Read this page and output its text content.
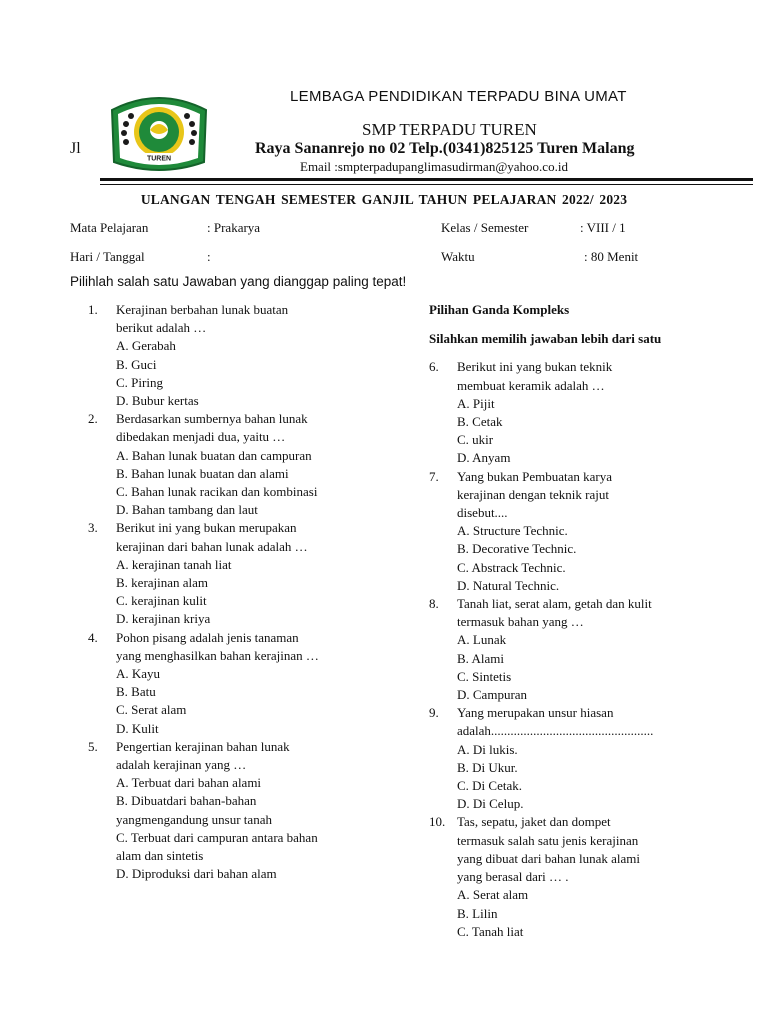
TUREN
Jl
LEMBAGA PENDIDIKAN TERPADU BINA UMAT
SMP TERPADU TUREN
Raya Sananrejo no 02 Telp.(0341)825125 Turen Malang
Email :smpterpadupanglimasudirman@yahoo.co.id
ULANGAN TENGAH SEMESTER GANJIL TAHUN PELAJARAN 2022/ 2023
Mata Pelajaran	: Prakarya	Kelas / Semester	: VIII / 1
Hari / Tanggal	:	Waktu	: 80 Menit
Pilihlah salah satu Jawaban yang dianggap paling tepat!
1. Kerajinan berbahan lunak buatan
berikut adalah …
A. Gerabah
B. Guci
C. Piring
D. Bubur kertas
2. Berdasarkan sumbernya bahan lunak
dibedakan menjadi dua, yaitu …
A. Bahan lunak buatan dan campuran
B. Bahan lunak buatan dan alami
C. Bahan lunak racikan dan kombinasi
D. Bahan tambang dan laut
3. Berikut ini yang bukan merupakan
kerajinan dari bahan lunak adalah …
A. kerajinan tanah liat
B. kerajinan alam
C. kerajinan kulit
D. kerajinan kriya
4. Pohon pisang adalah jenis tanaman
yang menghasilkan bahan kerajinan …
A. Kayu
B. Batu
C. Serat alam
D. Kulit
5. Pengertian kerajinan bahan lunak
adalah kerajinan yang …
A. Terbuat dari bahan alami
B. Dibuatdari bahan-bahan
yangmengandung unsur tanah
C. Terbuat dari campuran antara bahan
alam dan sintetis
D. Diproduksi dari bahan alam
Pilihan Ganda Kompleks
Silahkan memilih jawaban lebih dari satu
6. Berikut ini yang bukan teknik
membuat keramik adalah …
A. Pijit
B. Cetak
C. ukir
D. Anyam
7. Yang bukan Pembuatan karya
kerajinan dengan teknik rajut
disebut....
A. Structure Technic.
B. Decorative Technic.
C. Abstrack Technic.
D. Natural Technic.
8. Tanah liat, serat alam, getah dan kulit
termasuk bahan yang …
A. Lunak
B. Alami
C. Sintetis
D. Campuran
9. Yang merupakan unsur hiasan
adalah..................................................
A. Di lukis.
B. Di Ukur.
C. Di Cetak.
D. Di Celup.
10. Tas, sepatu, jaket dan dompet
termasuk salah satu jenis kerajinan
yang dibuat dari bahan lunak alami
yang berasal dari … .
A. Serat alam
B. Lilin
C. Tanah liat
